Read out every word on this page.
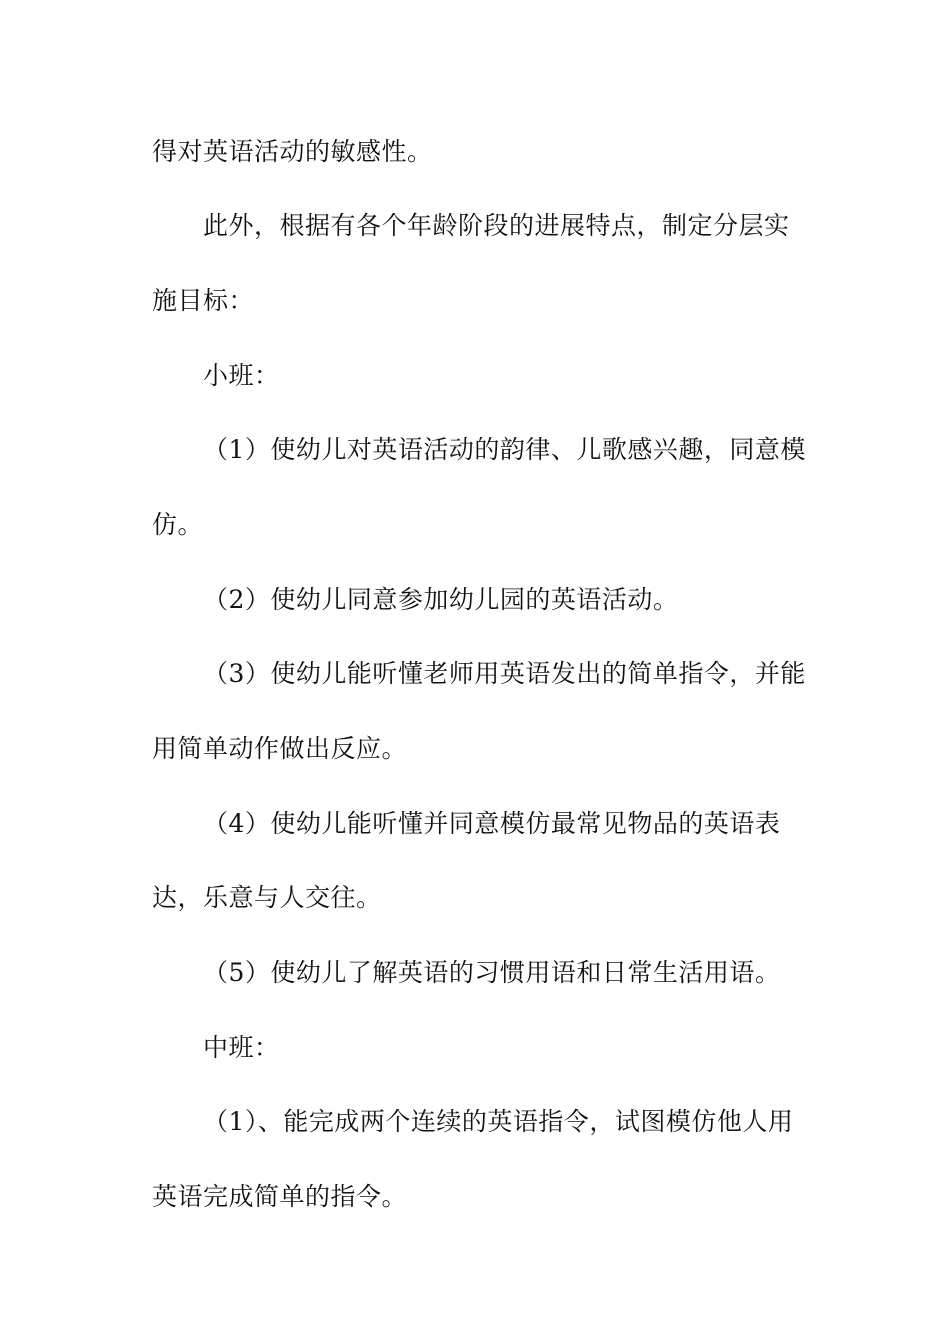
得对英语活动的敏感性。
此外，根据有各个年龄阶段的进展特点，制定分层实
施目标：
小班：
（1）使幼儿对英语活动的韵律、儿歌感兴趣，同意模
仿。
（2）使幼儿同意参加幼儿园的英语活动。
（3）使幼儿能听懂老师用英语发出的简单指令，并能
用简单动作做出反应。
（4）使幼儿能听懂并同意模仿最常见物品的英语表
达，乐意与人交往。
（5）使幼儿了解英语的习惯用语和日常生活用语。
中班：
（1）、能完成两个连续的英语指令，试图模仿他人用
英语完成简单的指令。
